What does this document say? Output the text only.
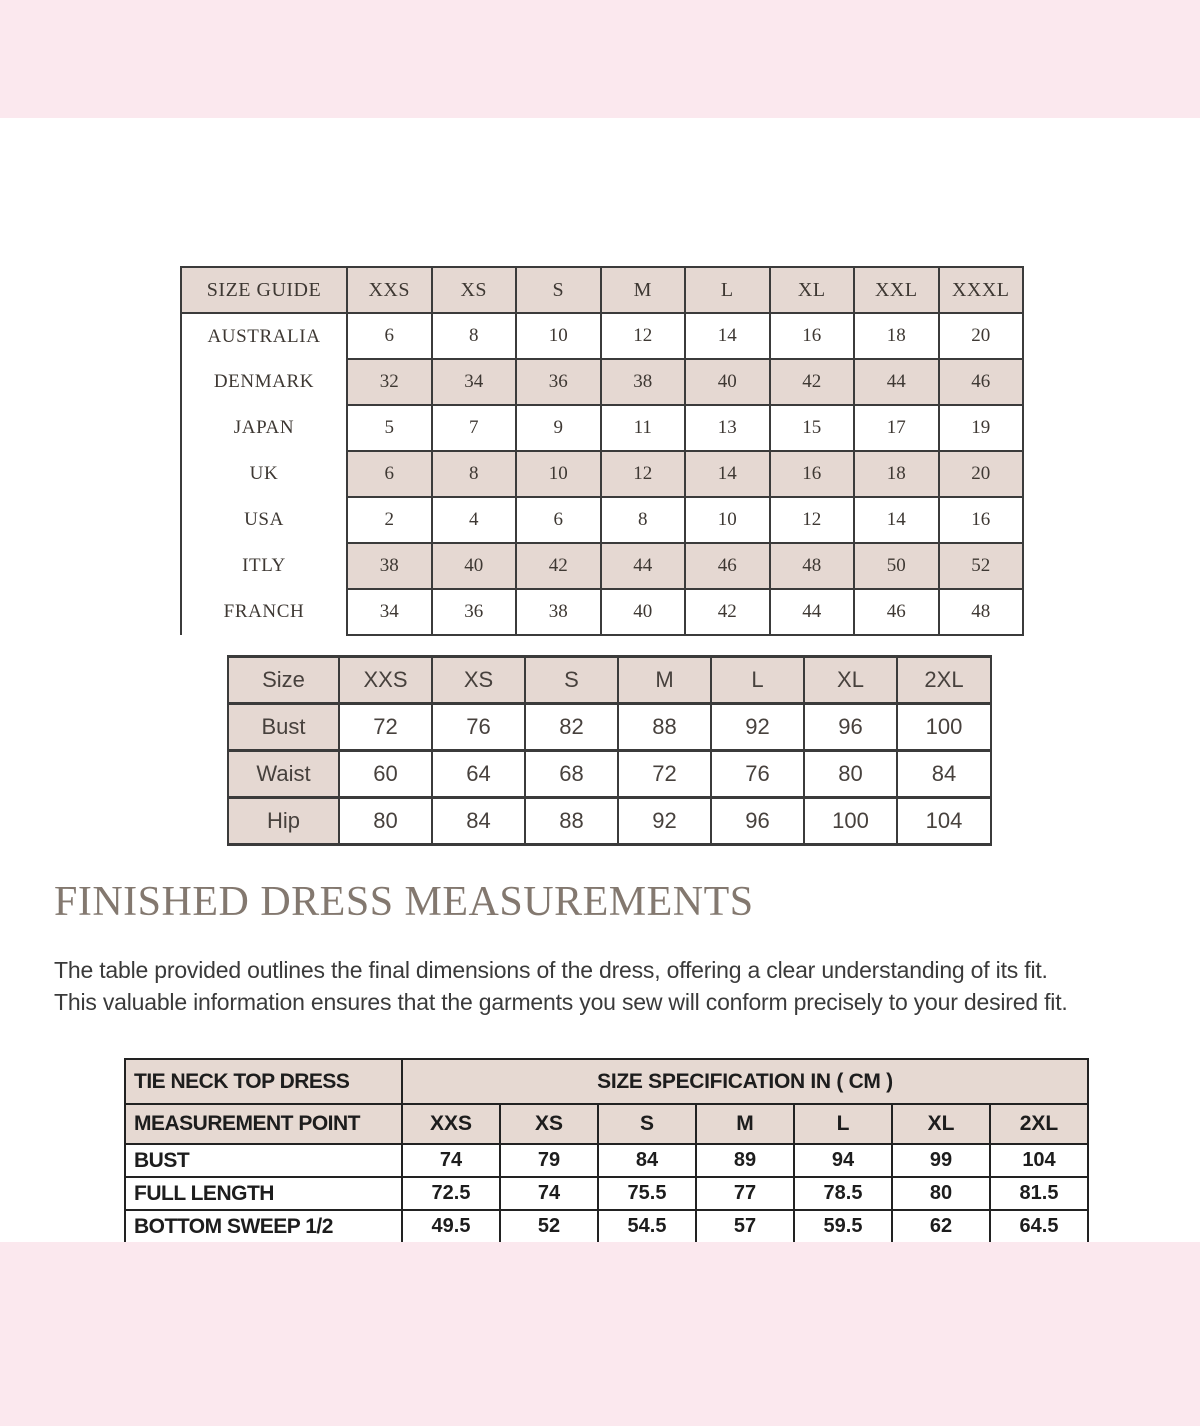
SIZE GUIDE	XXS	XS	S	M	L	XL	XXL	XXXL
AUSTRALIA	6	8	10	12	14	16	18	20
DENMARK	32	34	36	38	40	42	44	46
JAPAN	5	7	9	11	13	15	17	19
UK	6	8	10	12	14	16	18	20
USA	2	4	6	8	10	12	14	16
ITLY	38	40	42	44	46	48	50	52
FRANCH	34	36	38	40	42	44	46	48
Size	XXS	XS	S	M	L	XL	2XL
Bust	72	76	82	88	92	96	100
Waist	60	64	68	72	76	80	84
Hip	80	84	88	92	96	100	104
FINISHED DRESS MEASUREMENTS
The table provided outlines the final dimensions of the dress, offering a clear understanding of its fit.
This valuable information ensures that the garments you sew will conform precisely to your desired fit.
TIE NECK TOP DRESS	SIZE SPECIFICATION IN ( CM )						
MEASUREMENT POINT	XXS	XS	S	M	L	XL	2XL
BUST	74	79	84	89	94	99	104
FULL LENGTH	72.5	74	75.5	77	78.5	80	81.5
BOTTOM SWEEP 1/2	49.5	52	54.5	57	59.5	62	64.5
